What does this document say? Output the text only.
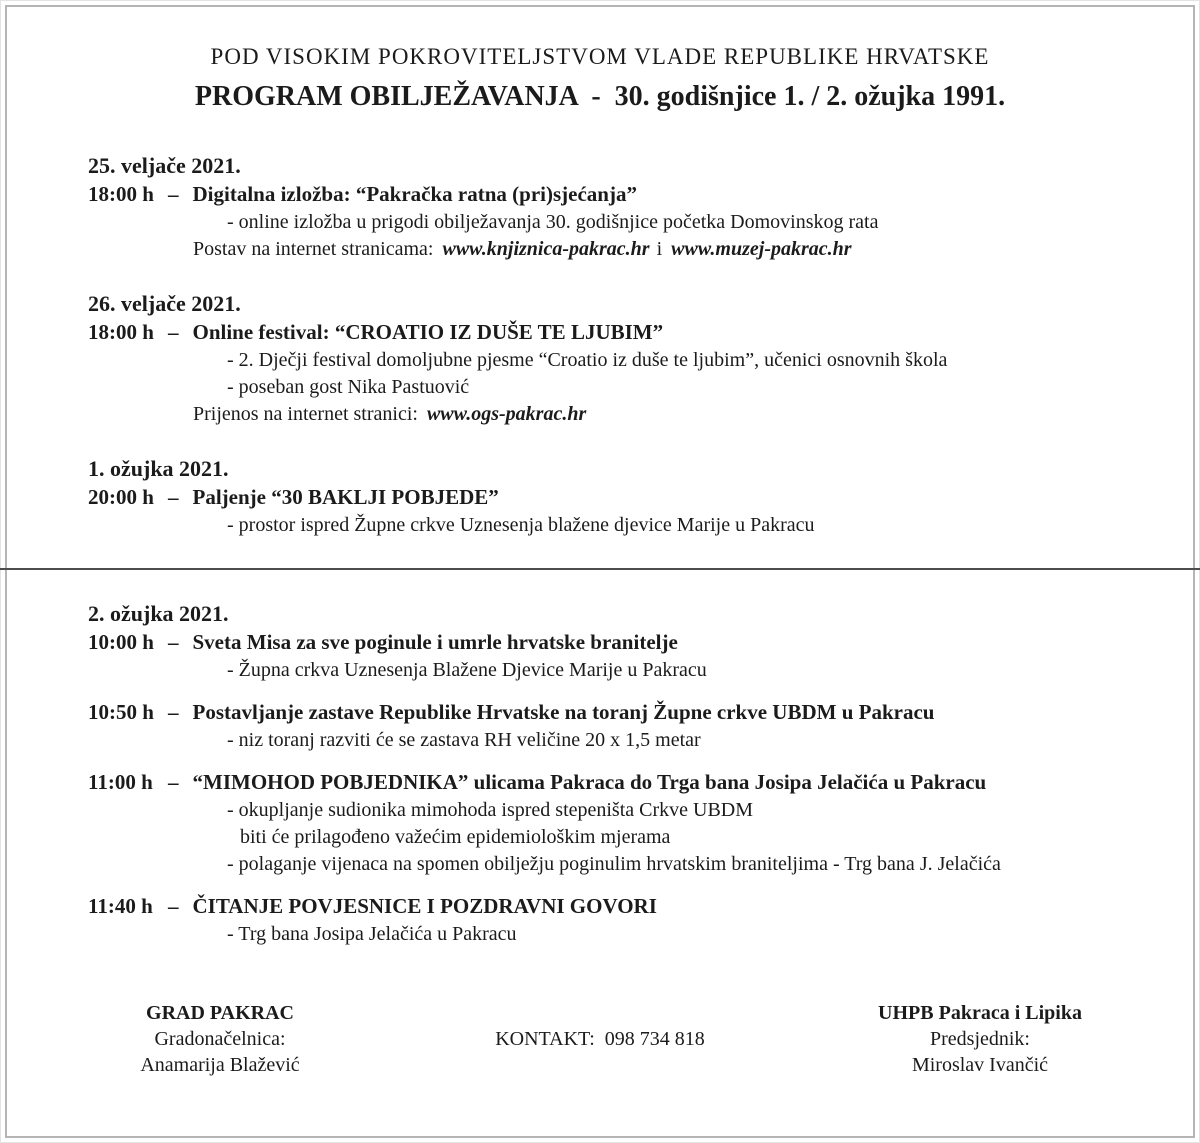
POD VISOKIM POKROVITELJSTVOM VLADE REPUBLIKE HRVATSKE
PROGRAM OBILJEŽAVANJA  -  30. godišnjice 1. / 2. ožujka 1991.
25. veljače 2021.
18:00 h – Digitalna izložba: “Pakračka ratna (pri)sjećanja”
- online izložba u prigodi obilježavanja 30. godišnjice početka Domovinskog rata
Postav na internet stranicama: www.knjiznica-pakrac.hr i www.muzej-pakrac.hr
26. veljače 2021.
18:00 h – Online festival: “CROATIO IZ DUŠE TE LJUBIM”
- 2. Dječji festival domoljubne pjesme “Croatio iz duše te ljubim”, učenici osnovnih škola
- poseban gost Nika Pastuović
Prijenos na internet stranici: www.ogs-pakrac.hr
1. ožujka 2021.
20:00 h – Paljenje “30 BAKLJI POBJEDE”
- prostor ispred Župne crkve Uznesenja blažene djevice Marije u Pakracu
2. ožujka 2021.
10:00 h – Sveta Misa za sve poginule i umrle hrvatske branitelje
- Župna crkva Uznesenja Blažene Djevice Marije u Pakracu
10:50 h – Postavljanje zastave Republike Hrvatske na toranj Župne crkve UBDM u Pakracu
- niz toranj razviti će se zastava RH veličine 20 x 1,5 metar
11:00 h – “MIMOHOD POBJEDNIKA” ulicama Pakraca do Trga bana Josipa Jelačića u Pakracu
- okupljanje sudionika mimohoda ispred stepeništa Crkve UBDM
biti će prilagođeno važećim epidemiološkim mjerama
- polaganje vijenaca na spomen obilježju poginulim hrvatskim braniteljima - Trg bana J. Jelačića
11:40 h – ČITANJE POVJESNICE I POZDRAVNI GOVORI
- Trg bana Josipa Jelačića u Pakracu
GRAD PAKRAC
Gradonačelnica:
Anamarija Blažević
KONTAKT:  098 734 818
UHPB Pakraca i Lipika
Predsjednik:
Miroslav Ivančić
